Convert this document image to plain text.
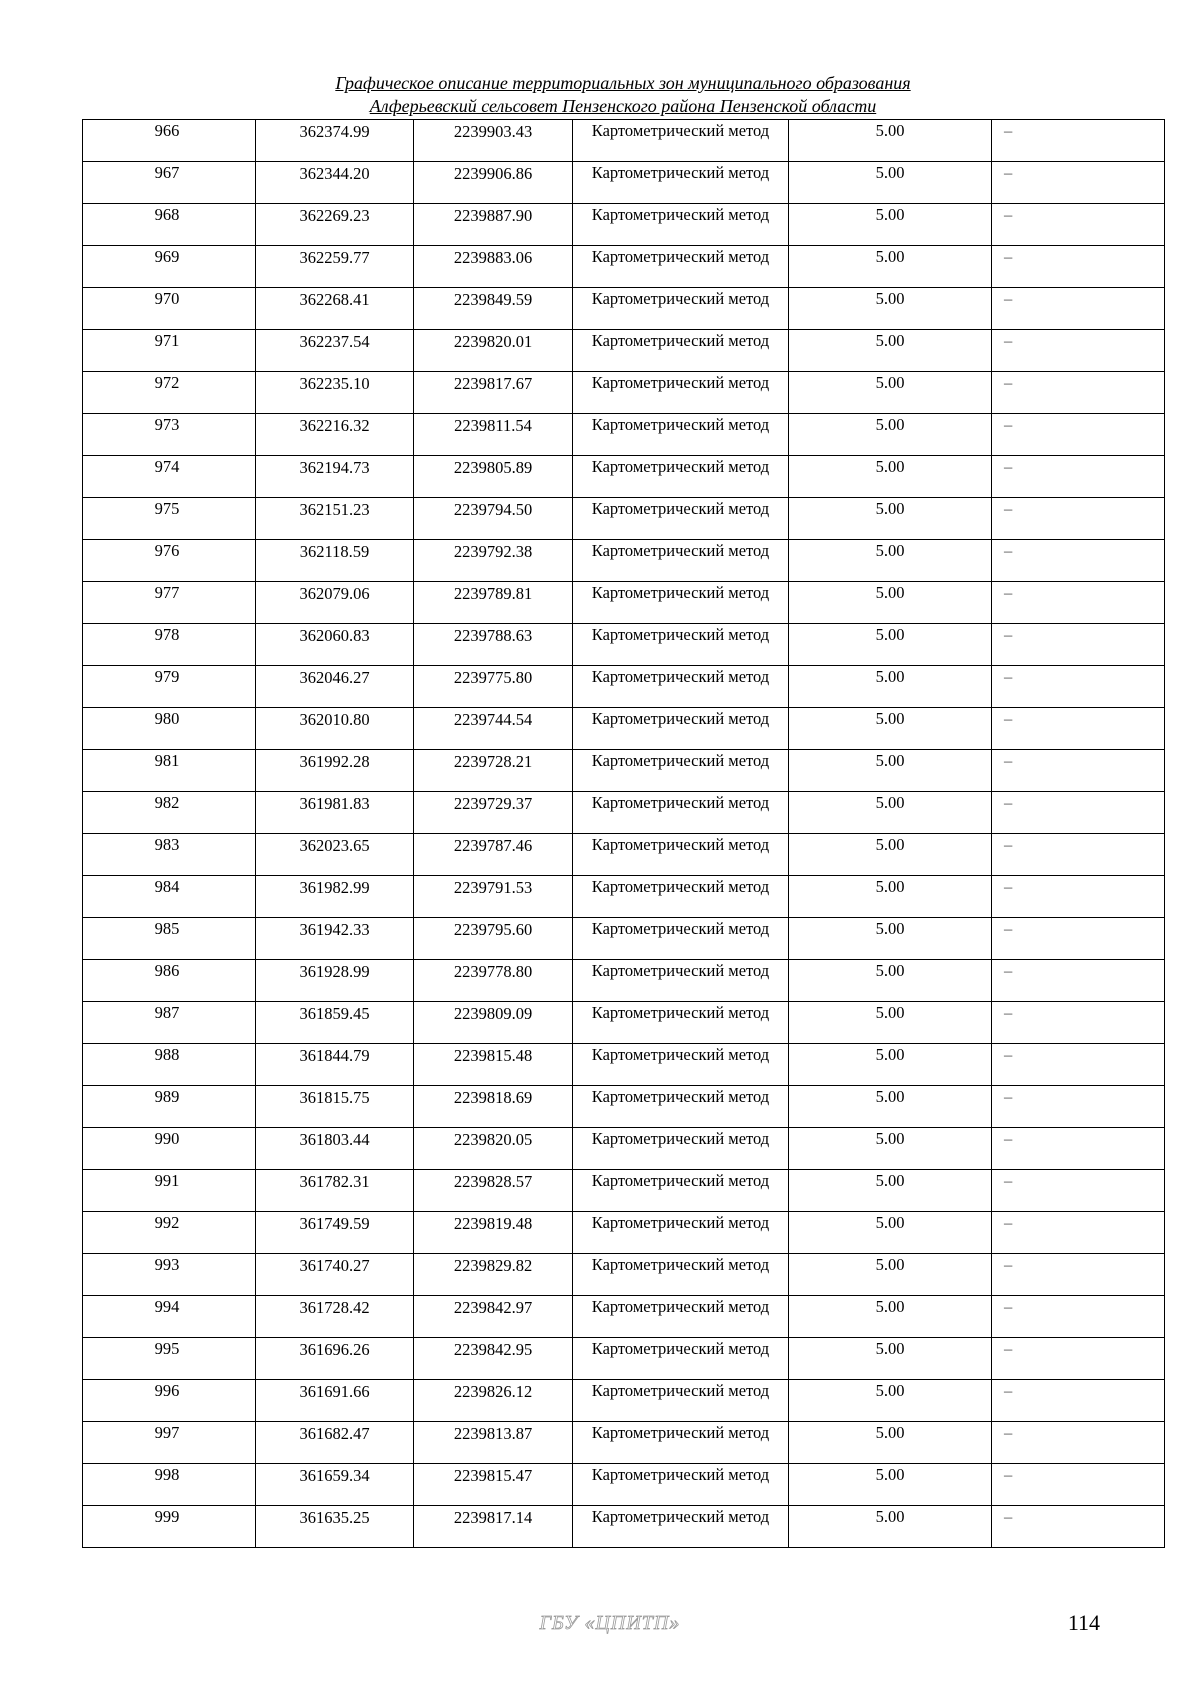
Графическое описание территориальных зон муниципального образования
Алферьевский сельсовет Пензенского района Пензенской области
966	362374.99	2239903.43	Картометрический метод	5.00	–
967	362344.20	2239906.86	Картометрический метод	5.00	–
968	362269.23	2239887.90	Картометрический метод	5.00	–
969	362259.77	2239883.06	Картометрический метод	5.00	–
970	362268.41	2239849.59	Картометрический метод	5.00	–
971	362237.54	2239820.01	Картометрический метод	5.00	–
972	362235.10	2239817.67	Картометрический метод	5.00	–
973	362216.32	2239811.54	Картометрический метод	5.00	–
974	362194.73	2239805.89	Картометрический метод	5.00	–
975	362151.23	2239794.50	Картометрический метод	5.00	–
976	362118.59	2239792.38	Картометрический метод	5.00	–
977	362079.06	2239789.81	Картометрический метод	5.00	–
978	362060.83	2239788.63	Картометрический метод	5.00	–
979	362046.27	2239775.80	Картометрический метод	5.00	–
980	362010.80	2239744.54	Картометрический метод	5.00	–
981	361992.28	2239728.21	Картометрический метод	5.00	–
982	361981.83	2239729.37	Картометрический метод	5.00	–
983	362023.65	2239787.46	Картометрический метод	5.00	–
984	361982.99	2239791.53	Картометрический метод	5.00	–
985	361942.33	2239795.60	Картометрический метод	5.00	–
986	361928.99	2239778.80	Картометрический метод	5.00	–
987	361859.45	2239809.09	Картометрический метод	5.00	–
988	361844.79	2239815.48	Картометрический метод	5.00	–
989	361815.75	2239818.69	Картометрический метод	5.00	–
990	361803.44	2239820.05	Картометрический метод	5.00	–
991	361782.31	2239828.57	Картометрический метод	5.00	–
992	361749.59	2239819.48	Картометрический метод	5.00	–
993	361740.27	2239829.82	Картометрический метод	5.00	–
994	361728.42	2239842.97	Картометрический метод	5.00	–
995	361696.26	2239842.95	Картометрический метод	5.00	–
996	361691.66	2239826.12	Картометрический метод	5.00	–
997	361682.47	2239813.87	Картометрический метод	5.00	–
998	361659.34	2239815.47	Картометрический метод	5.00	–
999	361635.25	2239817.14	Картометрический метод	5.00	–
ГБУ «ЦПИТП»	114
